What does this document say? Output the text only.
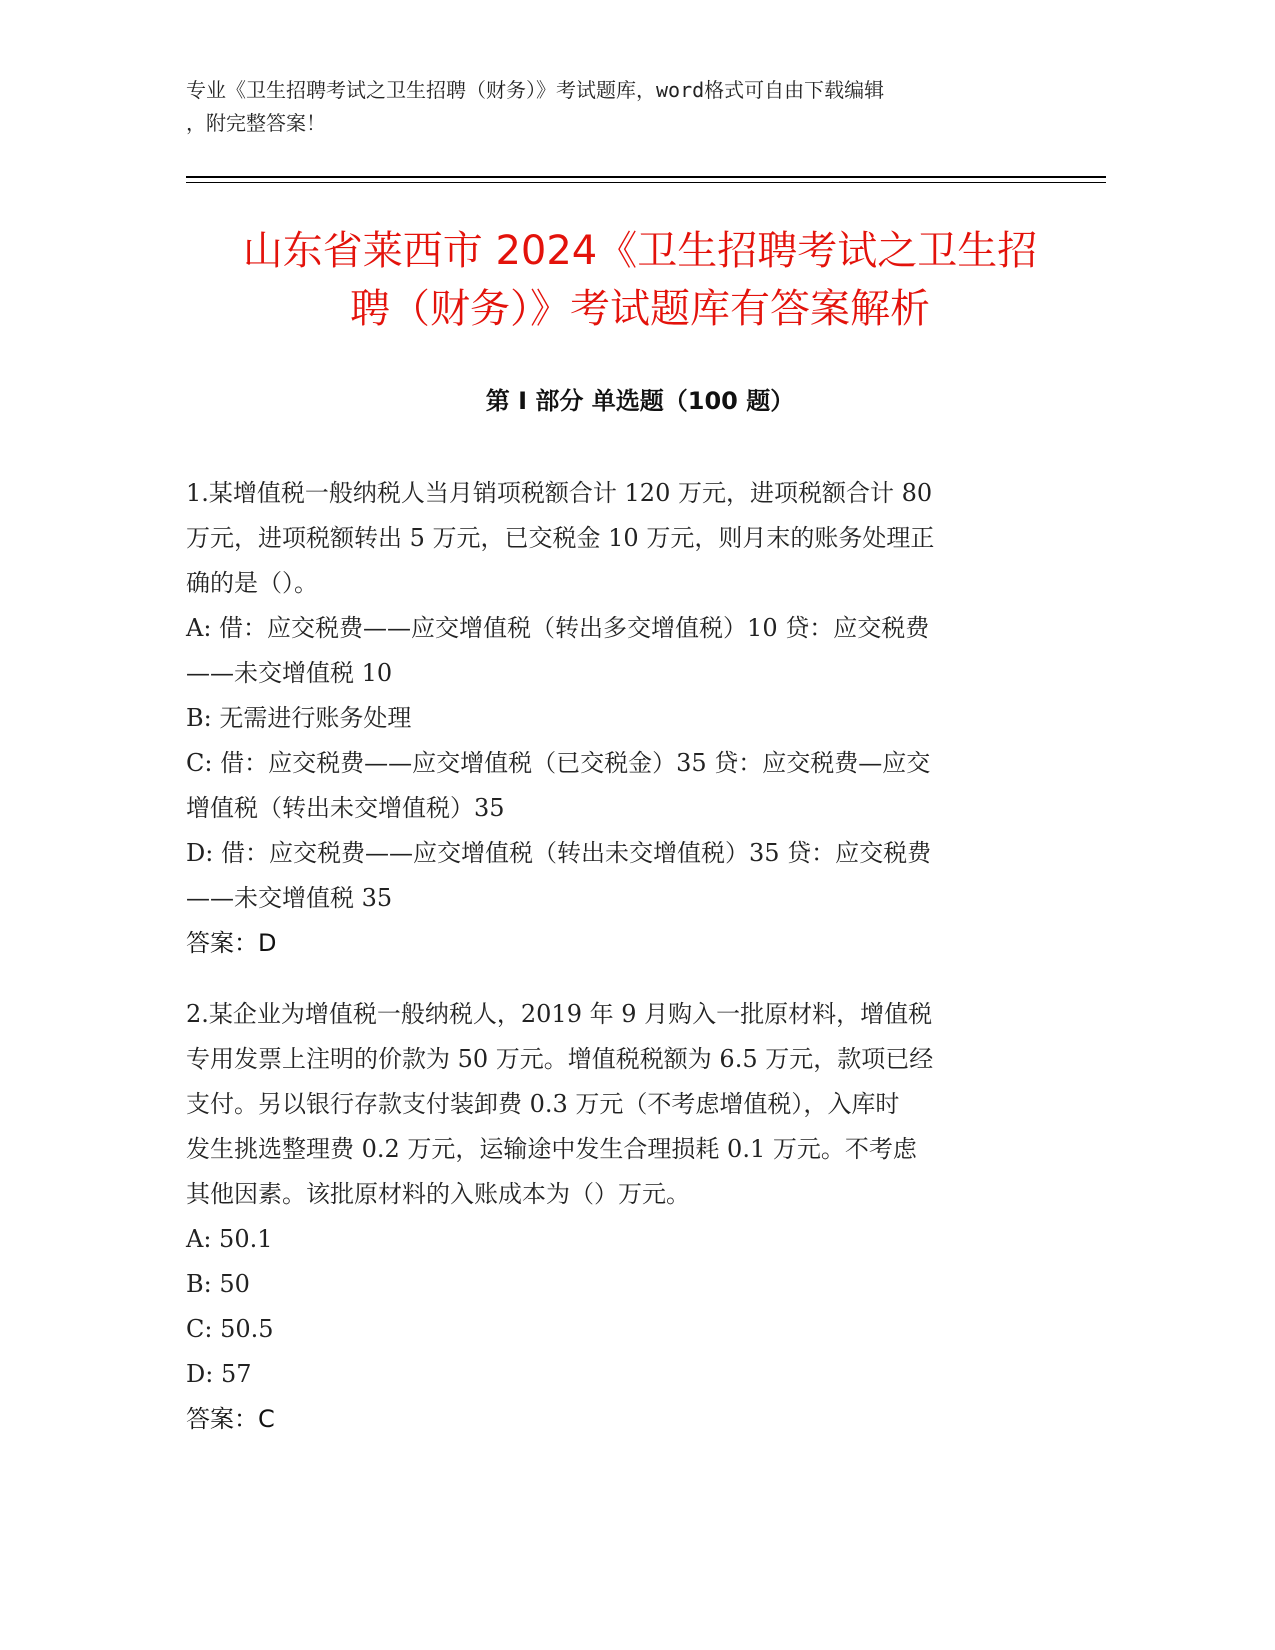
专业《卫生招聘考试之卫生招聘（财务）》考试题库，word格式可自由下载编辑
，附完整答案！
山东省莱西市 2024《卫生招聘考试之卫生招
聘（财务）》考试题库有答案解析
第 I 部分 单选题（100 题）
1.某增值税一般纳税人当月销项税额合计 120 万元，进项税额合计 80
万元，进项税额转出 5 万元，已交税金 10 万元，则月末的账务处理正
确的是（）。
A: 借：应交税费——应交增值税（转出多交增值税）10 贷：应交税费
——未交增值税 10
B: 无需进行账务处理
C: 借：应交税费——应交增值税（已交税金）35 贷：应交税费—应交
增值税（转出未交增值税）35
D: 借：应交税费——应交增值税（转出未交增值税）35 贷：应交税费
——未交增值税 35
答案：D
2.某企业为增值税一般纳税人，2019 年 9 月购入一批原材料，增值税
专用发票上注明的价款为 50 万元。增值税税额为 6.5 万元，款项已经
支付。另以银行存款支付装卸费 0.3 万元（不考虑增值税），入库时
发生挑选整理费 0.2 万元，运输途中发生合理损耗 0.1 万元。不考虑
其他因素。该批原材料的入账成本为（）万元。
A: 50.1
B: 50
C: 50.5
D: 57
答案：C
